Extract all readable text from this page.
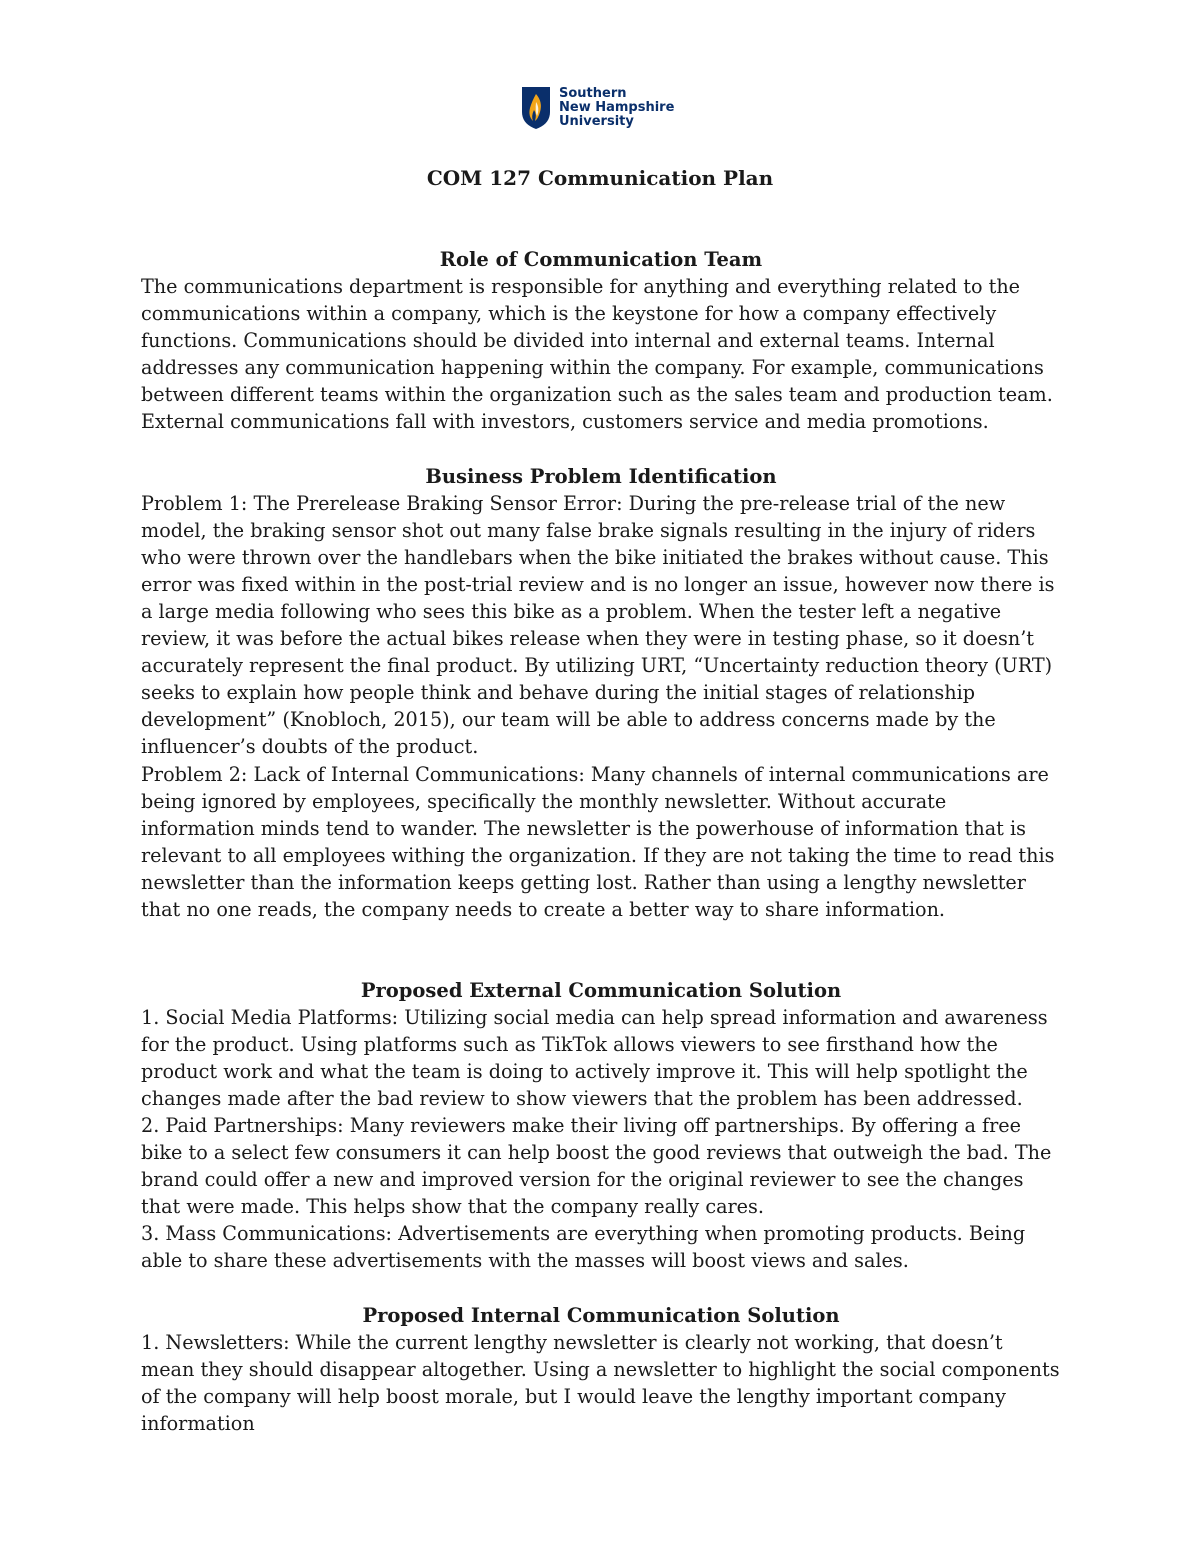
Southern
New Hampshire
University
COM 127 Communication Plan
Role of Communication Team

The communications department is responsible for anything and everything related to the communications within a company, which is the keystone for how a company effectively functions. Communications should be divided into internal and external teams. Internal addresses any communication happening within the company. For example, communications between different teams within the organization such as the sales team and production team. External communications fall with investors, customers service and media promotions.

Business Problem Identification

Problem 1: The Prerelease Braking Sensor Error: During the pre-release trial of the new model, the braking sensor shot out many false brake signals resulting in the injury of riders who were thrown over the handlebars when the bike initiated the brakes without cause. This error was fixed within in the post-trial review and is no longer an issue, however now there is a large media following who sees this bike as a problem. When the tester left a negative review, it was before the actual bikes release when they were in testing phase, so it doesn’t accurately represent the final product. By utilizing URT, “Uncertainty reduction theory (URT) seeks to explain how people think and behave during the initial stages of relationship development” (Knobloch, 2015), our team will be able to address concerns made by the influencer’s doubts of the product.

Problem 2: Lack of Internal Communications: Many channels of internal communications are being ignored by employees, specifically the monthly newsletter. Without accurate information minds tend to wander. The newsletter is the powerhouse of information that is relevant to all employees withing the organization. If they are not taking the time to read this newsletter than the information keeps getting lost. Rather than using a lengthy newsletter that no one reads, the company needs to create a better way to share information.

Proposed External Communication Solution

1. Social Media Platforms: Utilizing social media can help spread information and awareness for the product. Using platforms such as TikTok allows viewers to see firsthand how the product work and what the team is doing to actively improve it. This will help spotlight the changes made after the bad review to show viewers that the problem has been addressed.

2. Paid Partnerships: Many reviewers make their living off partnerships. By offering a free bike to a select few consumers it can help boost the good reviews that outweigh the bad. The brand could offer a new and improved version for the original reviewer to see the changes that were made. This helps show that the company really cares.

3. Mass Communications: Advertisements are everything when promoting products. Being able to share these advertisements with the masses will boost views and sales.

Proposed Internal Communication Solution

1. Newsletters: While the current lengthy newsletter is clearly not working, that doesn’t mean they should disappear altogether. Using a newsletter to highlight the social components of the company will help boost morale, but I would leave the lengthy important company information
